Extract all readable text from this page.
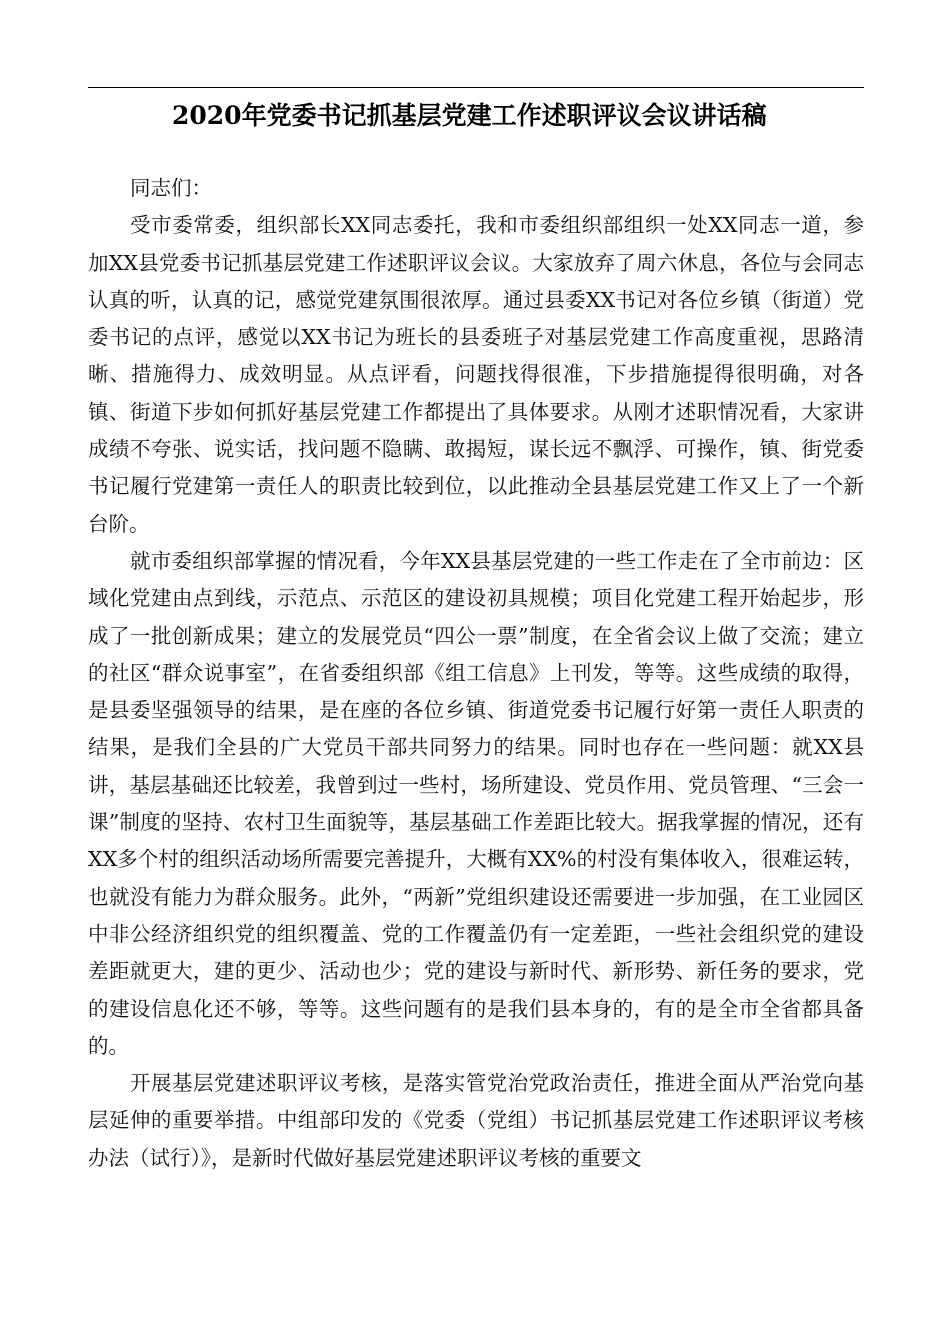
2020年党委书记抓基层党建工作述职评议会议讲话稿

同志们：

受市委常委，组织部长XX同志委托，我和市委组织部组织一处XX同志一道，参加XX县党委书记抓基层党建工作述职评议会议。大家放弃了周六休息，各位与会同志认真的听，认真的记，感觉党建氛围很浓厚。通过县委XX书记对各位乡镇（街道）党委书记的点评，感觉以XX书记为班长的县委班子对基层党建工作高度重视，思路清晰、措施得力、成效明显。从点评看，问题找得很准，下步措施提得很明确，对各镇、街道下步如何抓好基层党建工作都提出了具体要求。从刚才述职情况看，大家讲成绩不夸张、说实话，找问题不隐瞒、敢揭短，谋长远不飘浮、可操作，镇、街党委书记履行党建第一责任人的职责比较到位，以此推动全县基层党建工作又上了一个新台阶。

就市委组织部掌握的情况看，今年XX县基层党建的一些工作走在了全市前边：区域化党建由点到线，示范点、示范区的建设初具规模；项目化党建工程开始起步，形成了一批创新成果；建立的发展党员“四公一票”制度，在全省会议上做了交流；建立的社区“群众说事室”，在省委组织部《组工信息》上刊发，等等。这些成绩的取得，是县委坚强领导的结果，是在座的各位乡镇、街道党委书记履行好第一责任人职责的结果，是我们全县的广大党员干部共同努力的结果。同时也存在一些问题：就XX县讲，基层基础还比较差，我曾到过一些村，场所建设、党员作用、党员管理、“三会一课”制度的坚持、农村卫生面貌等，基层基础工作差距比较大。据我掌握的情况，还有XX多个村的组织活动场所需要完善提升，大概有XX%的村没有集体收入，很难运转，也就没有能力为群众服务。此外，“两新”党组织建设还需要进一步加强，在工业园区中非公经济组织党的组织覆盖、党的工作覆盖仍有一定差距，一些社会组织党的建设差距就更大，建的更少、活动也少；党的建设与新时代、新形势、新任务的要求，党的建设信息化还不够，等等。这些问题有的是我们县本身的，有的是全市全省都具备的。

开展基层党建述职评议考核，是落实管党治党政治责任，推进全面从严治党向基层延伸的重要举措。中组部印发的《党委（党组）书记抓基层党建工作述职评议考核办法（试行）》，是新时代做好基层党建述职评议考核的重要文
